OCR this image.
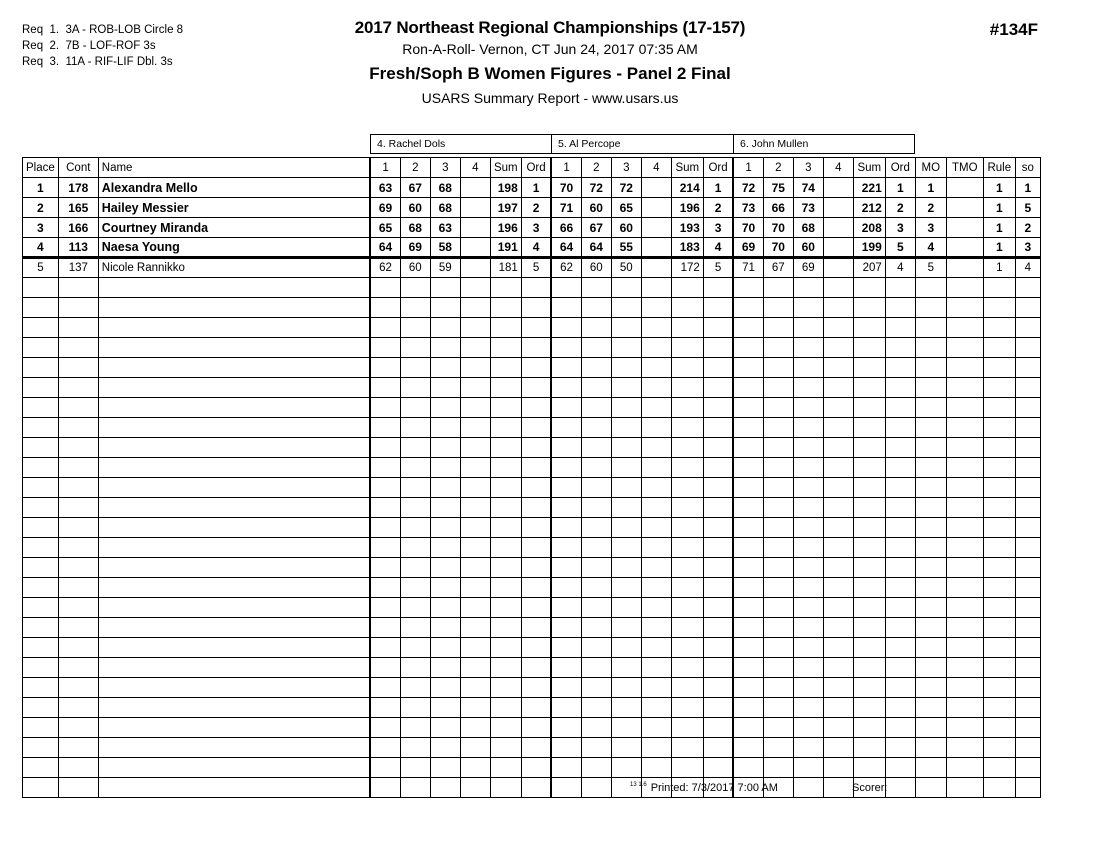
Req  1.  3A - ROB-LOB Circle 8
Req  2.  7B - LOF-ROF 3s
Req  3.  11A - RIF-LIF Dbl. 3s
2017 Northeast Regional Championships (17-157)
Ron-A-Roll- Vernon, CT Jun 24, 2017 07:35 AM
Fresh/Soph B Women Figures - Panel 2 Final
USARS Summary Report - www.usars.us
#134F
4. Rachel Dols	5. Al Percope	6. John Mullen
Place	Cont	Name	1	2	3	4	Sum	Ord	1	2	3	4	Sum	Ord	1	2	3	4	Sum	Ord	MO	TMO	Rule	so
1	178	Alexandra Mello	63	67	68		198	1	70	72	72		214	1	72	75	74		221	1	1		1	1
2	165	Hailey Messier	69	60	68		197	2	71	60	65		196	2	73	66	73		212	2	2		1	5
3	166	Courtney Miranda	65	68	63		196	3	66	67	60		193	3	70	70	68		208	3	3		1	2
4	113	Naesa Young	64	69	58		191	4	64	64	55		183	4	69	70	60		199	5	4		1	3
5	137	Nicole Rannikko	62	60	59		181	5	62	60	50		172	5	71	67	69		207	4	5		1	4

$^{13 1.6}$ Printed: 7/3/2017 7:00 AM	Scorer:
